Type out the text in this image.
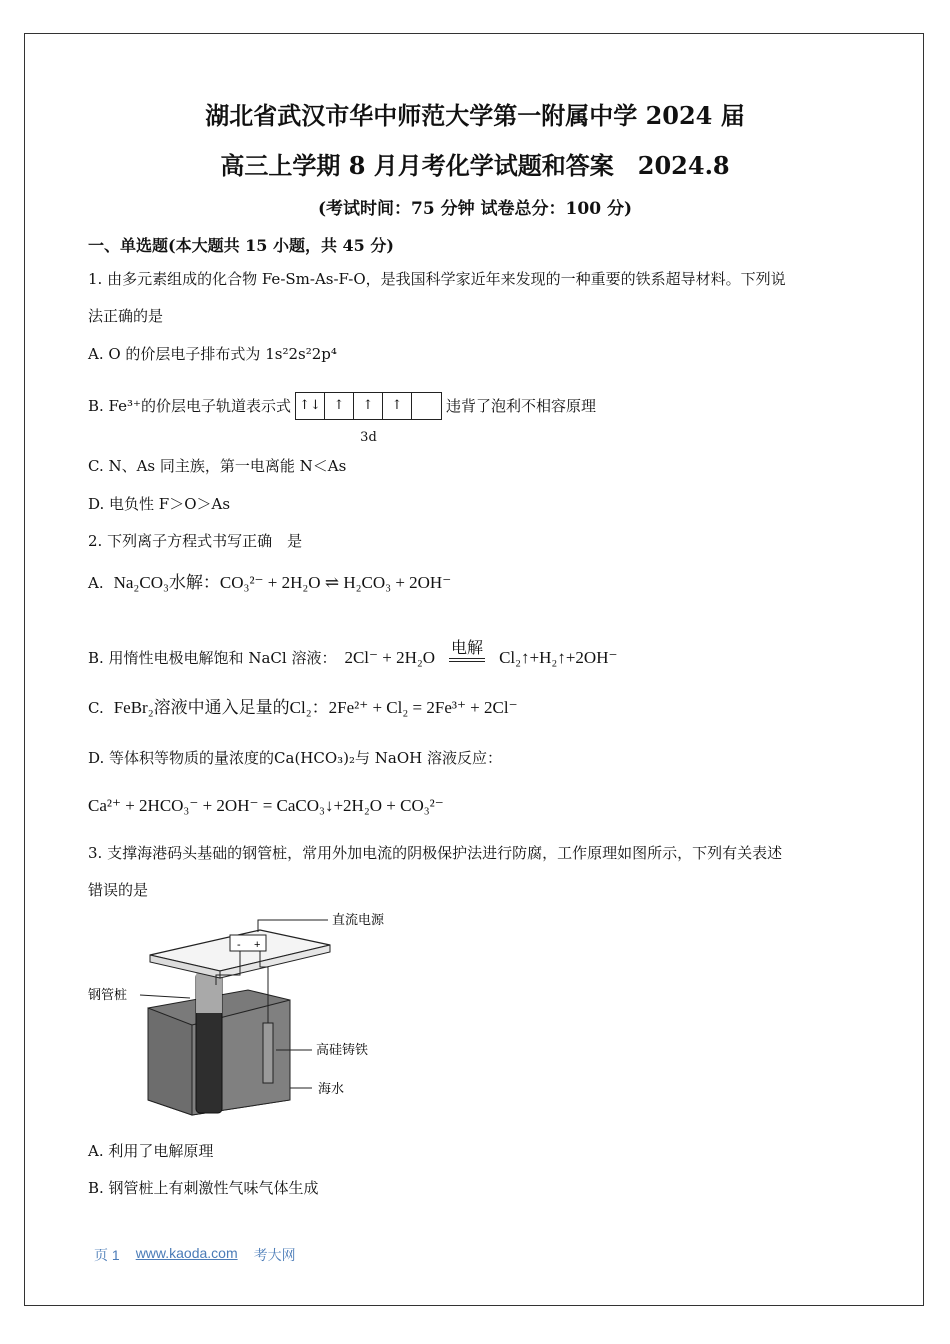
湖北省武汉市华中师范大学第一附属中学 2024 届
高三上学期 8 月月考化学试题和答案　2024.8
(考试时间：75 分钟 试卷总分：100 分)
一、单选题(本大题共 15 小题，共 45 分)
1. 由多元素组成的化合物 Fe-Sm-As-F-O，是我国科学家近年来发现的一种重要的铁系超导材料。下列说
法正确的是
A. O 的价层电子排布式为 1s²2s²2p⁴
B. Fe³⁺的价层电子轨道表示式 ↑↓ ↑	↑	↑
3d
违背了泡利不相容原理
C. N、As 同主族，第一电离能 N＜As
D. 电负性 F＞O＞As
2. 下列离子方程式书写正确　是
A. Na₂CO₃水解：CO₃²⁻ + 2H₂O ⇌ H₂CO₃ + 2OH⁻
B. 用惰性电极电解饱和 NaCl 溶液： 2Cl⁻ + 2H₂O 电解 Cl₂↑+H₂↑+2OH⁻
C. FeBr₂溶液中通入足量的Cl₂：2Fe²⁺ + Cl₂ = 2Fe³⁺ + 2Cl⁻
D. 等体积等物质的量浓度的Ca(HCO₃)₂与 NaOH 溶液反应：
Ca²⁺ + 2HCO₃⁻ + 2OH⁻ = CaCO₃↓+2H₂O + CO₃²⁻
3. 支撑海港码头基础的钢管桩，常用外加电流的阴极保护法进行防腐，工作原理如图所示，下列有关表述
错误的是
- +
直流电源
钢管桩
高硅铸铁
海水
A. 利用了电解原理
B. 钢管桩上有刺激性气味气体生成
页 1 www.kaoda.com 考大网
